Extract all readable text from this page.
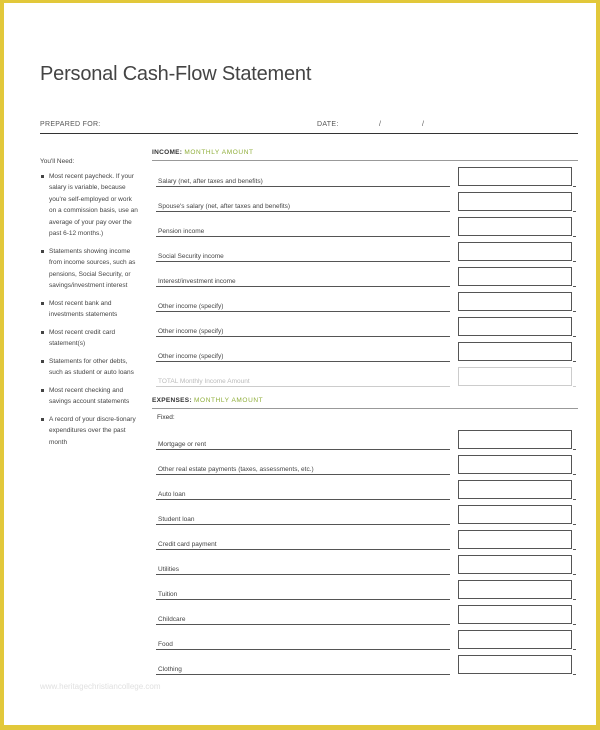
Personal Cash-Flow Statement
PREPARED FOR:	DATE:	/	/
You'll Need:
Most recent paycheck. If your salary is variable, because you're self-employed or work on a commission basis, use an average of your pay over the past 6-12 months.)
Statements showing income from income sources, such as pensions, Social Security, or savings/investment interest
Most recent bank and investments statements
Most recent credit card statement(s)
Statements for other debts, such as student or auto loans
Most recent checking and savings account statements
A record of your discre-tionary expenditures over the past month
INCOME: MONTHLY AMOUNT
Salary (net, after taxes and benefits)
Spouse's salary (net, after taxes and benefits)
Pension income
Social Security income
Interest/investment income
Other income (specify)
Other income (specify)
Other income (specify)
TOTAL Monthly Income Amount
EXPENSES: MONTHLY AMOUNT
Fixed:
Mortgage or rent
Other real estate payments (taxes, assessments, etc.)
Auto loan
Student loan
Credit card payment
Utilities
Tuition
Childcare
Food
Clothing
www.heritagechristiancollege.com
